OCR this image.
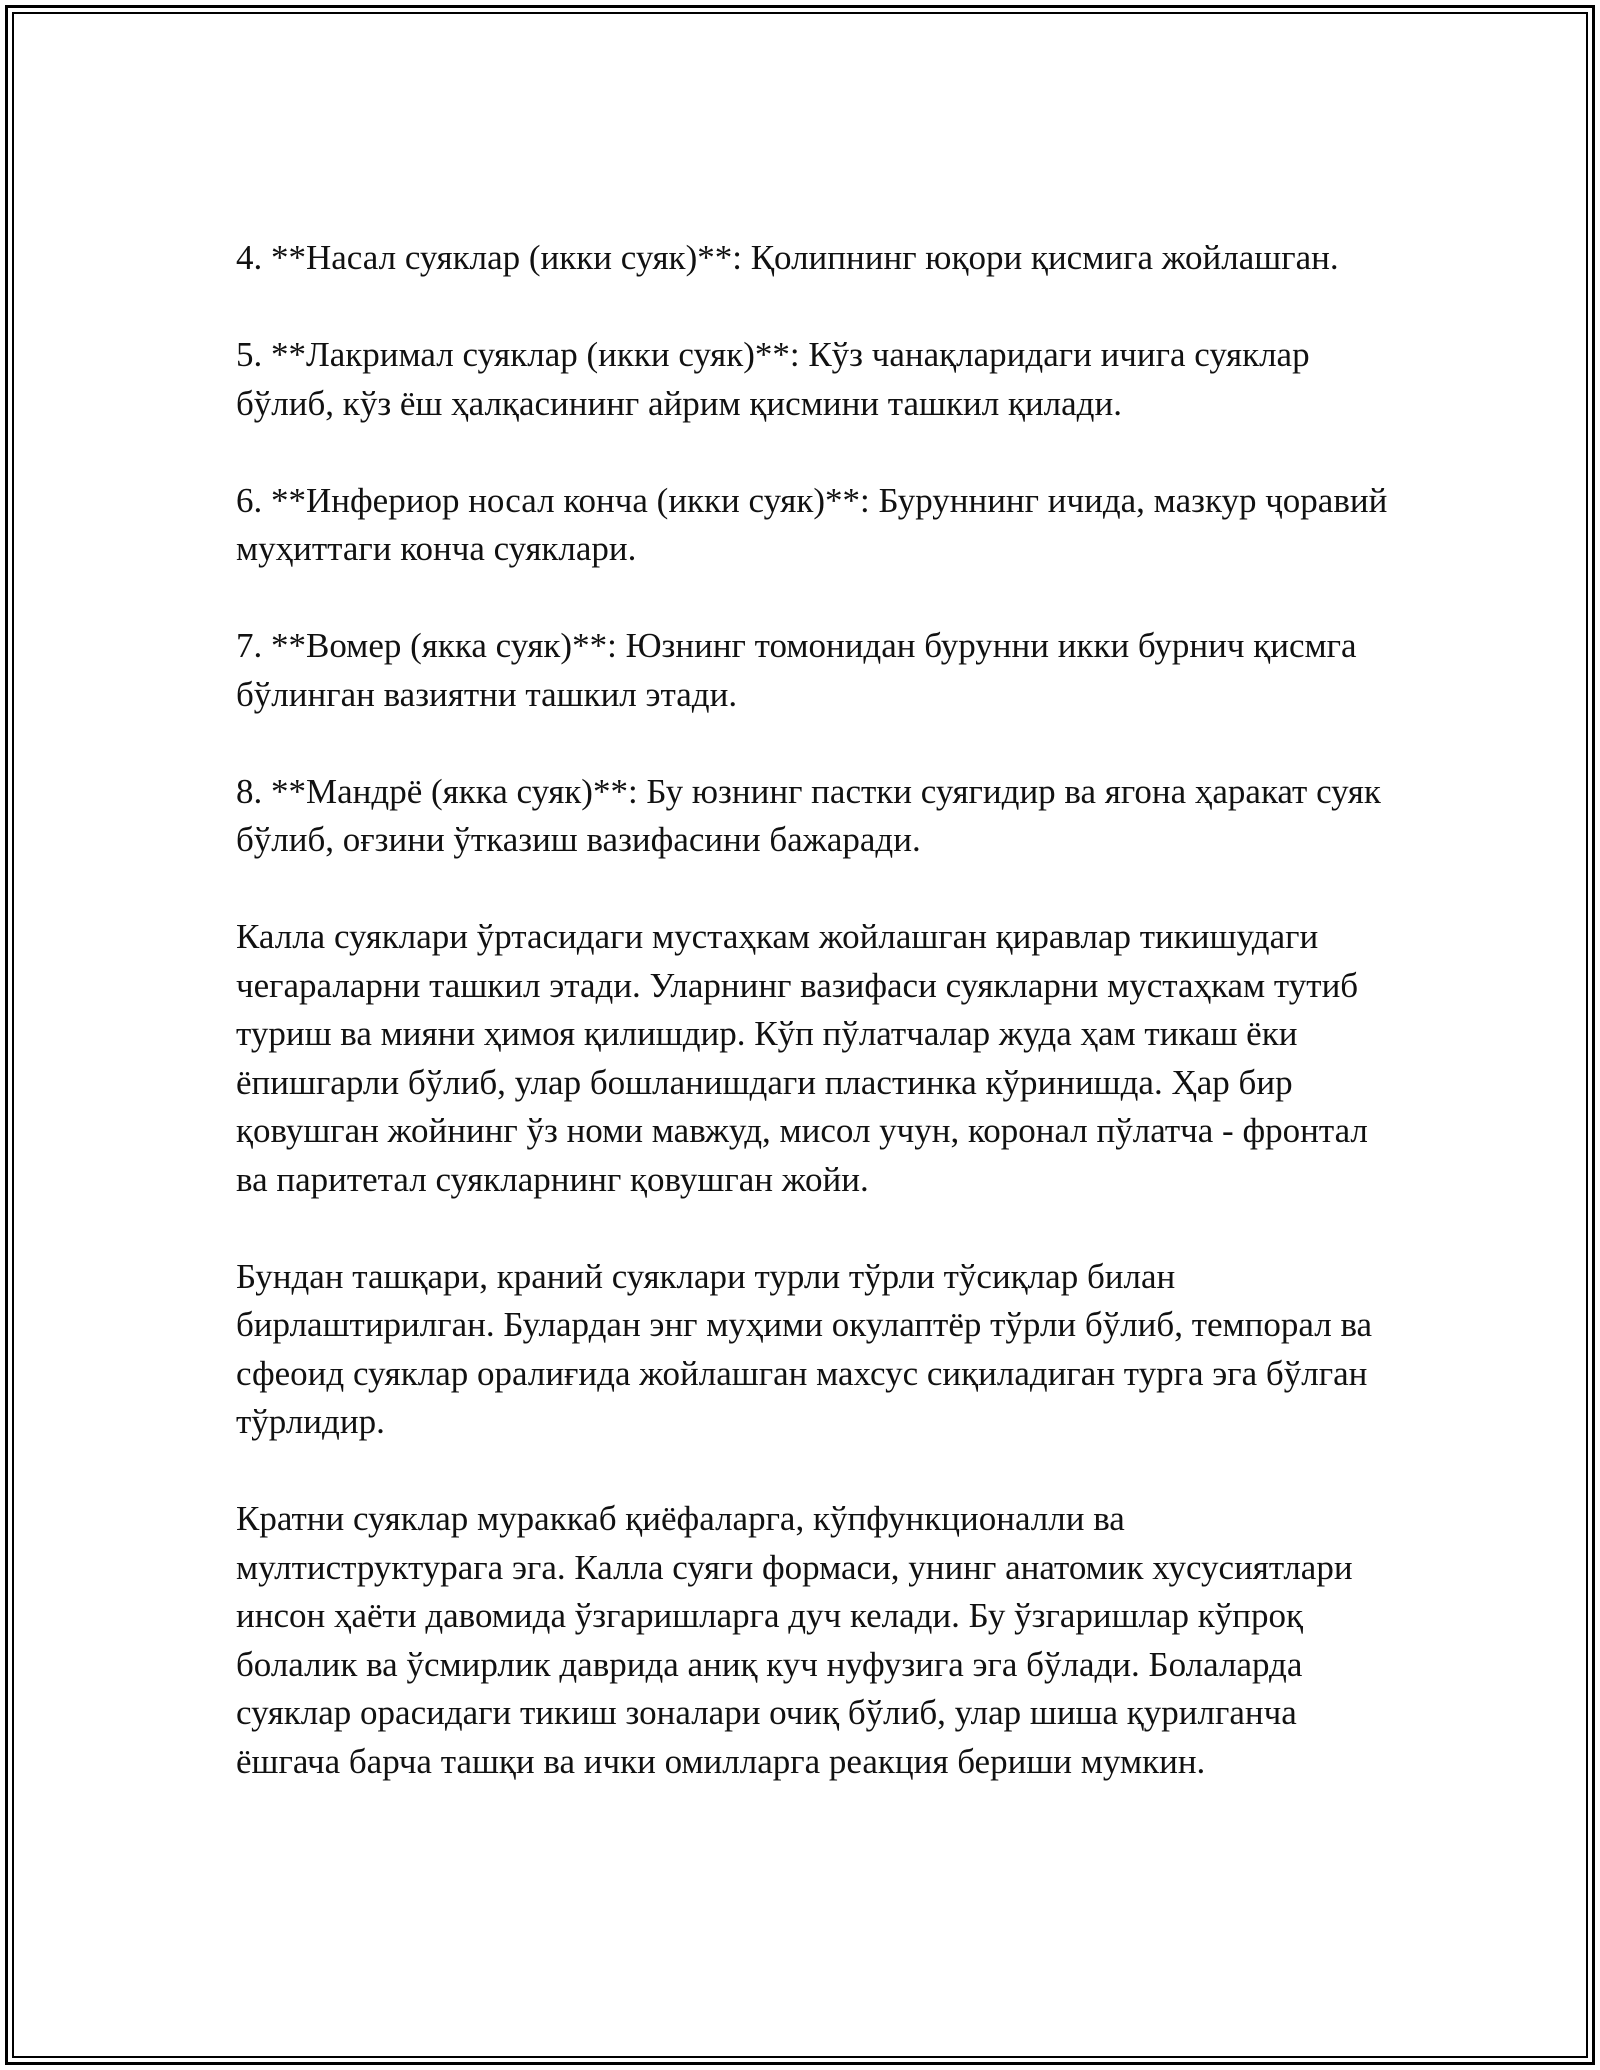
4. **Насал суяклар (икки суяк)**: Қолипнинг юқори қисмига жойлашган.

5. **Лакримал суяклар (икки суяк)**: Кўз чанақларидаги ичига суяклар бўлиб, кўз ёш ҳалқасининг айрим қисмини ташкил қилади.

6. **Инфериор носал конча (икки суяк)**: Буруннинг ичида, мазкур ҷоравий муҳиттаги конча суяклари.

7. **Вомер (якка суяк)**: Юзнинг томонидан бурунни икки бурнич қисмга бўлинган вазиятни ташкил этади.

8. **Мандрё (якка суяк)**: Бу юзнинг пастки суягидир ва ягона ҳаракат суяк бўлиб, оғзини ўтказиш вазифасини бажаради.

Калла суяклари ўртасидаги мустаҳкам жойлашган қиравлар тикишудаги чегараларни ташкил этади. Уларнинг вазифаси суякларни мустаҳкам тутиб туриш ва мияни ҳимоя қилишдир. Кўп пўлатчалар жуда ҳам тикаш ёки ёпишгарли бўлиб, улар бошланишдаги пластинка кўринишда. Ҳар бир қовушган жойнинг ўз номи мавжуд, мисол учун, коронал пўлатча - фронтал ва паритетал суякларнинг қовушган жойи.

Бундан ташқари, краний суяклари турли тўрли тўсиқлар билан бирлаштирилган. Булардан энг муҳими окулаптёр тўрли бўлиб, темпорал ва сфеоид суяклар оралиғида жойлашган махсус сиқиладиган турга эга бўлган тўрлидир.

Кратни суяклар мураккаб қиёфаларга, кўпфункционалли ва мултиструктурага эга. Калла суяги формаси, унинг анатомик хусусиятлари инсон ҳаёти давомида ўзгаришларга дуч келади. Бу ўзгаришлар кўпроқ болалик ва ўсмирлик даврида аниқ куч нуфузига эга бўлади. Болаларда суяклар орасидаги тикиш зоналари очиқ бўлиб, улар шиша қурилганча ёшгача барча ташқи ва ички омилларга реакция бериши мумкин.
